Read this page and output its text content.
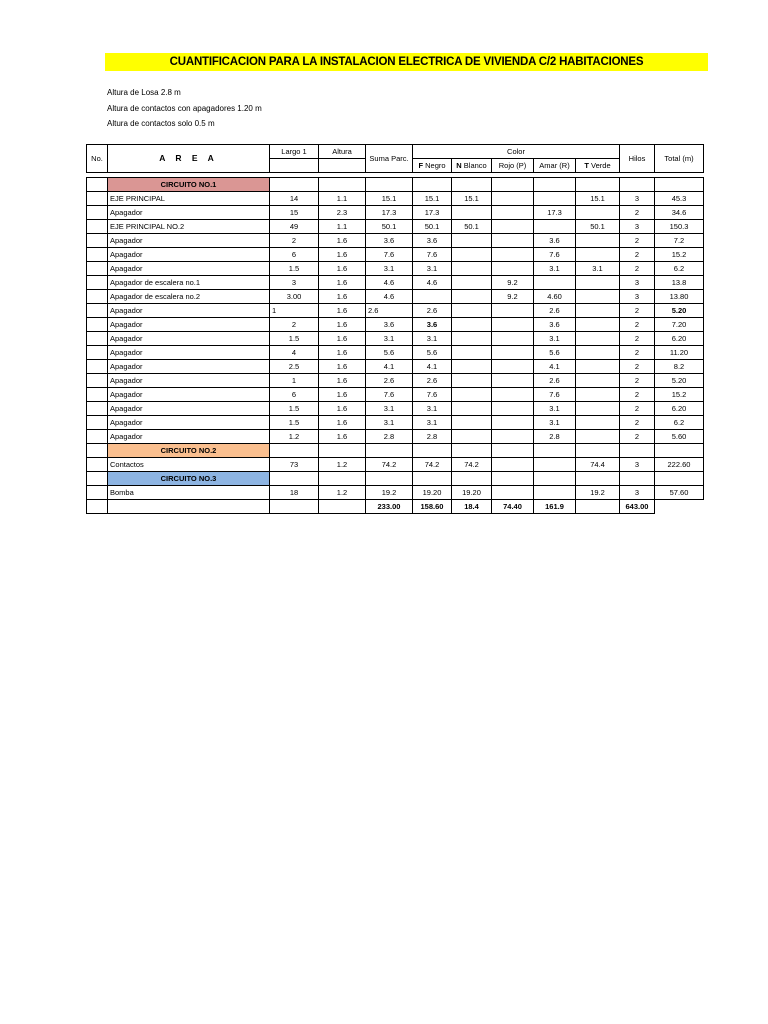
CUANTIFICACION PARA LA INSTALACION ELECTRICA DE VIVIENDA C/2 HABITACIONES
Altura de Losa 2.8 m
Altura de contactos con apagadores 1.20 m
Altura de contactos solo 0.5 m
No.	A R E A	Largo 1	Altura	Suma Parc.	Color					Hilos	Total (m)
					F Negro	N Blanco	Rojo (P)	Amar (R)	T Verde		

	CIRCUITO NO.1										
	EJE PRINCIPAL	14	1.1	15.1	15.1	15.1			15.1	3	45.3
	Apagador	15	2.3	17.3	17.3			17.3		2	34.6
	EJE PRINCIPAL NO.2	49	1.1	50.1	50.1	50.1			50.1	3	150.3
	Apagador	2	1.6	3.6	3.6			3.6		2	7.2
	Apagador	6	1.6	7.6	7.6			7.6		2	15.2
	Apagador	1.5	1.6	3.1	3.1			3.1	3.1	2	6.2
	Apagador de escalera no.1	3	1.6	4.6	4.6		9.2			3	13.8
	Apagador de escalera no.2	3.00	1.6	4.6			9.2	4.60		3	13.80
	Apagador	1	1.6	2.6	2.6			2.6		2	5.20
	Apagador	2	1.6	3.6	3.6			3.6		2	7.20
	Apagador	1.5	1.6	3.1	3.1			3.1		2	6.20
	Apagador	4	1.6	5.6	5.6			5.6		2	11.20
	Apagador	2.5	1.6	4.1	4.1			4.1		2	8.2
	Apagador	1	1.6	2.6	2.6			2.6		2	5.20
	Apagador	6	1.6	7.6	7.6			7.6		2	15.2
	Apagador	1.5	1.6	3.1	3.1			3.1		2	6.20
	Apagador	1.5	1.6	3.1	3.1			3.1		2	6.2
	Apagador	1.2	1.6	2.8	2.8			2.8		2	5.60
	CIRCUITO NO.2										
	Contactos	73	1.2	74.2	74.2	74.2			74.4	3	222.60
	CIRCUITO NO.3										
	Bomba	18	1.2	19.2	19.20	19.20			19.2	3	57.60
				233.00	158.60	18.4	74.40	161.9		643.00	
